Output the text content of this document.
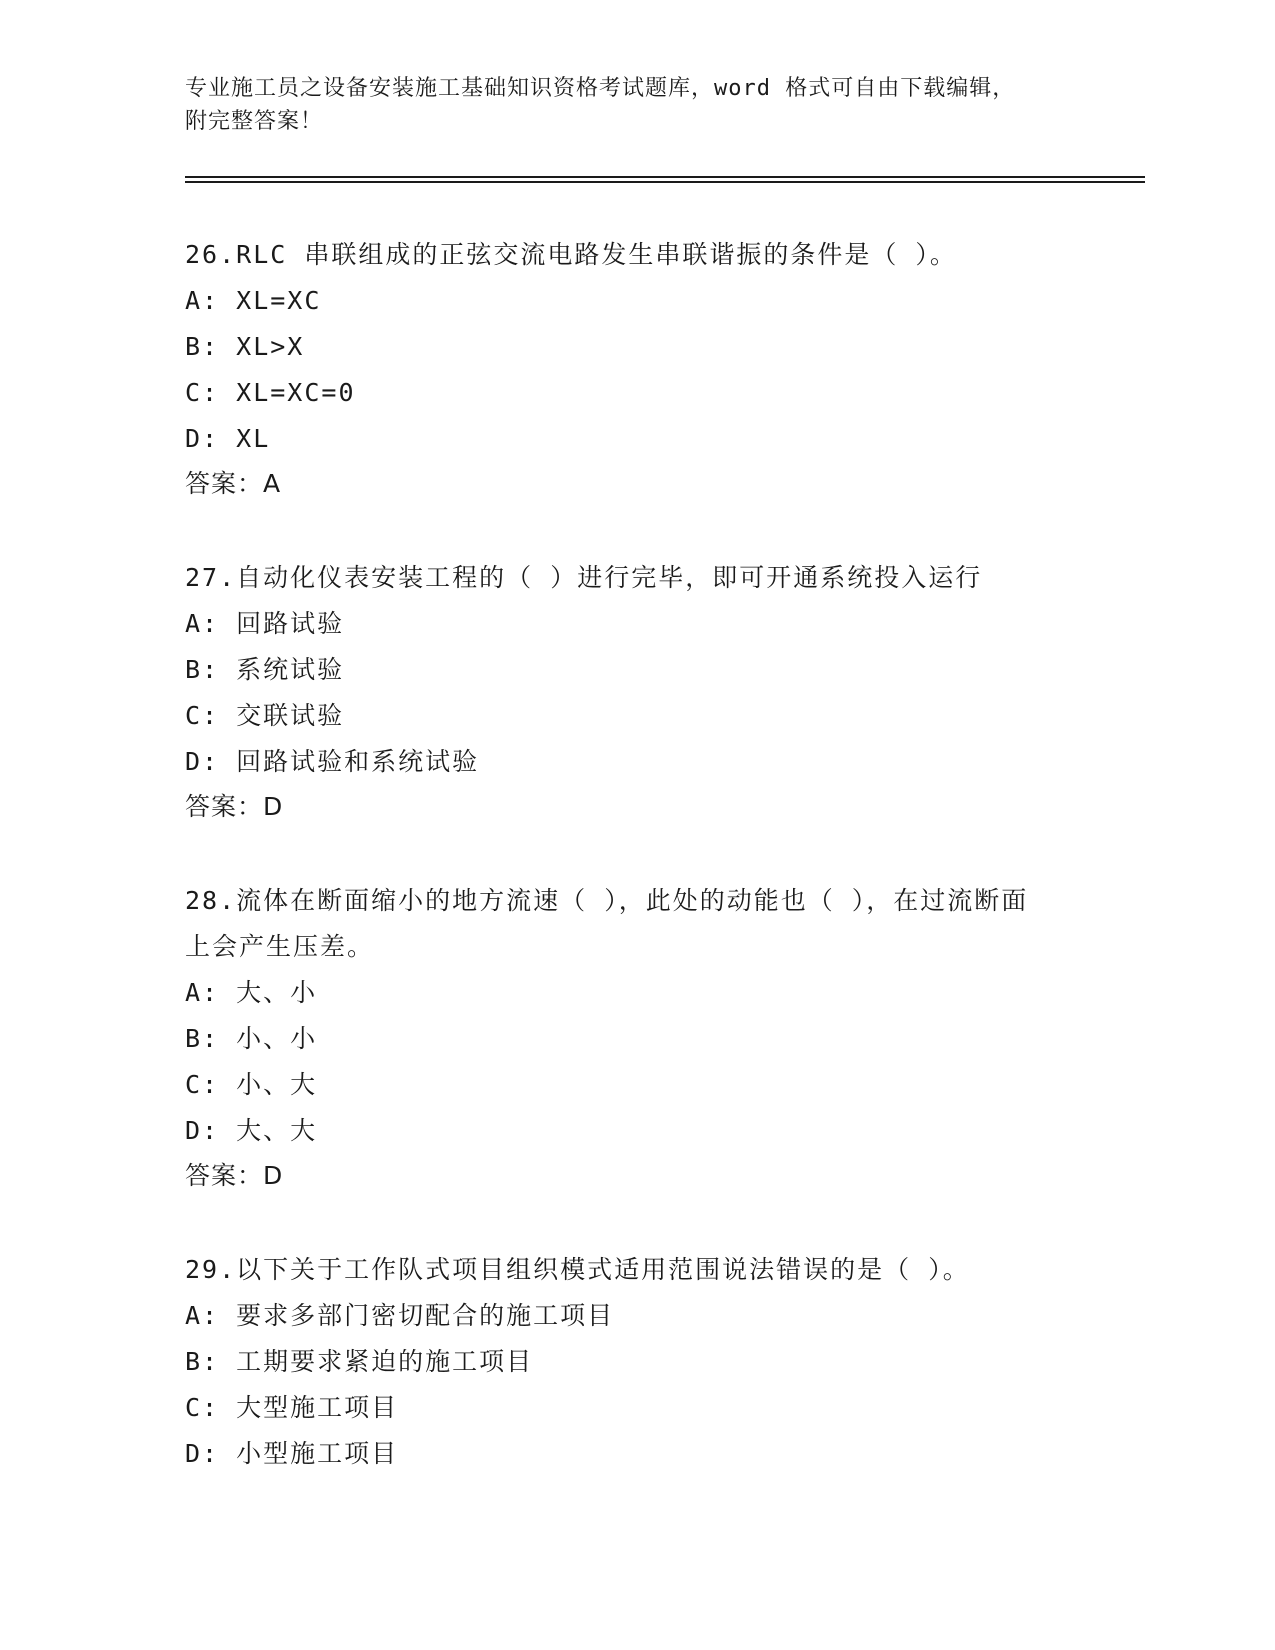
专业施工员之设备安装施工基础知识资格考试题库，word 格式可自由下载编辑，
附完整答案！
26.RLC 串联组成的正弦交流电路发生串联谐振的条件是（ ）。
A: XL=XC
B: XL>X
C: XL=XC=0
D: XL
答案：A
27.自动化仪表安装工程的（ ）进行完毕，即可开通系统投入运行
A: 回路试验
B: 系统试验
C: 交联试验
D: 回路试验和系统试验
答案：D
28.流体在断面缩小的地方流速（ ），此处的动能也（ ），在过流断面上会产生压差。
A: 大、小
B: 小、小
C: 小、大
D: 大、大
答案：D
29.以下关于工作队式项目组织模式适用范围说法错误的是（ ）。
A: 要求多部门密切配合的施工项目
B: 工期要求紧迫的施工项目
C: 大型施工项目
D: 小型施工项目
